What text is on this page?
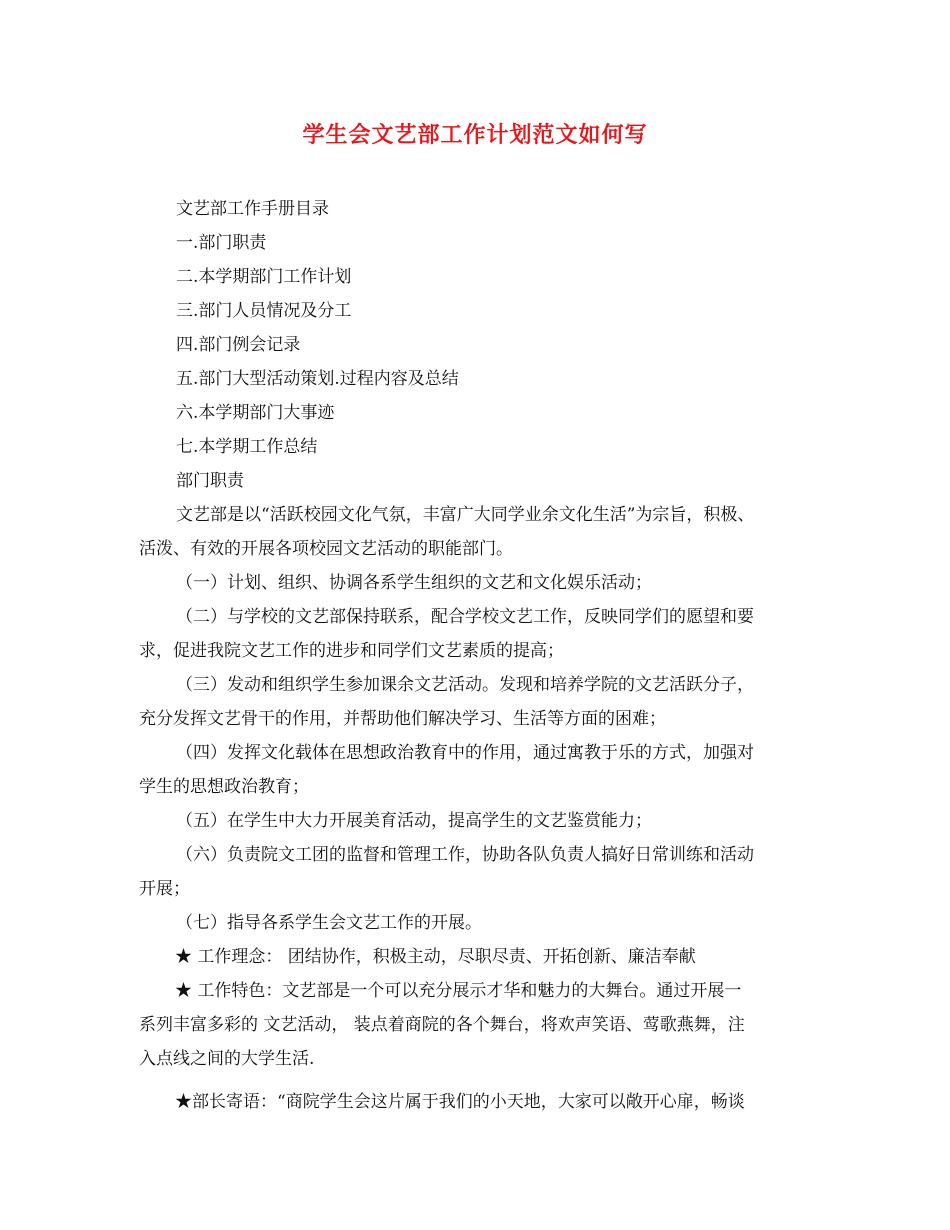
学生会文艺部工作计划范文如何写
文艺部工作手册目录
一.部门职责
二.本学期部门工作计划
三.部门人员情况及分工
四.部门例会记录
五.部门大型活动策划.过程内容及总结
六.本学期部门大事迹
七.本学期工作总结
部门职责
文艺部是以“活跃校园文化气氛，丰富广大同学业余文化生活”为宗旨，积极、
活泼、有效的开展各项校园文艺活动的职能部门。
（一）计划、组织、协调各系学生组织的文艺和文化娱乐活动；
（二）与学校的文艺部保持联系，配合学校文艺工作，反映同学们的愿望和要
求，促进我院文艺工作的进步和同学们文艺素质的提高；
（三）发动和组织学生参加课余文艺活动。发现和培养学院的文艺活跃分子，
充分发挥文艺骨干的作用，并帮助他们解决学习、生活等方面的困难；
（四）发挥文化载体在思想政治教育中的作用，通过寓教于乐的方式，加强对
学生的思想政治教育；
（五）在学生中大力开展美育活动，提高学生的文艺鉴赏能力；
（六）负责院文工团的监督和管理工作，协助各队负责人搞好日常训练和活动
开展；
（七）指导各系学生会文艺工作的开展。
★ 工作理念： 团结协作，积极主动，尽职尽责、开拓创新、廉洁奉献
★ 工作特色：文艺部是一个可以充分展示才华和魅力的大舞台。通过开展一
系列丰富多彩的 文艺活动， 装点着商院的各个舞台，将欢声笑语、莺歌燕舞，注
入点线之间的大学生活.
★部长寄语：“商院学生会这片属于我们的小天地，大家可以敞开心扉，畅谈
